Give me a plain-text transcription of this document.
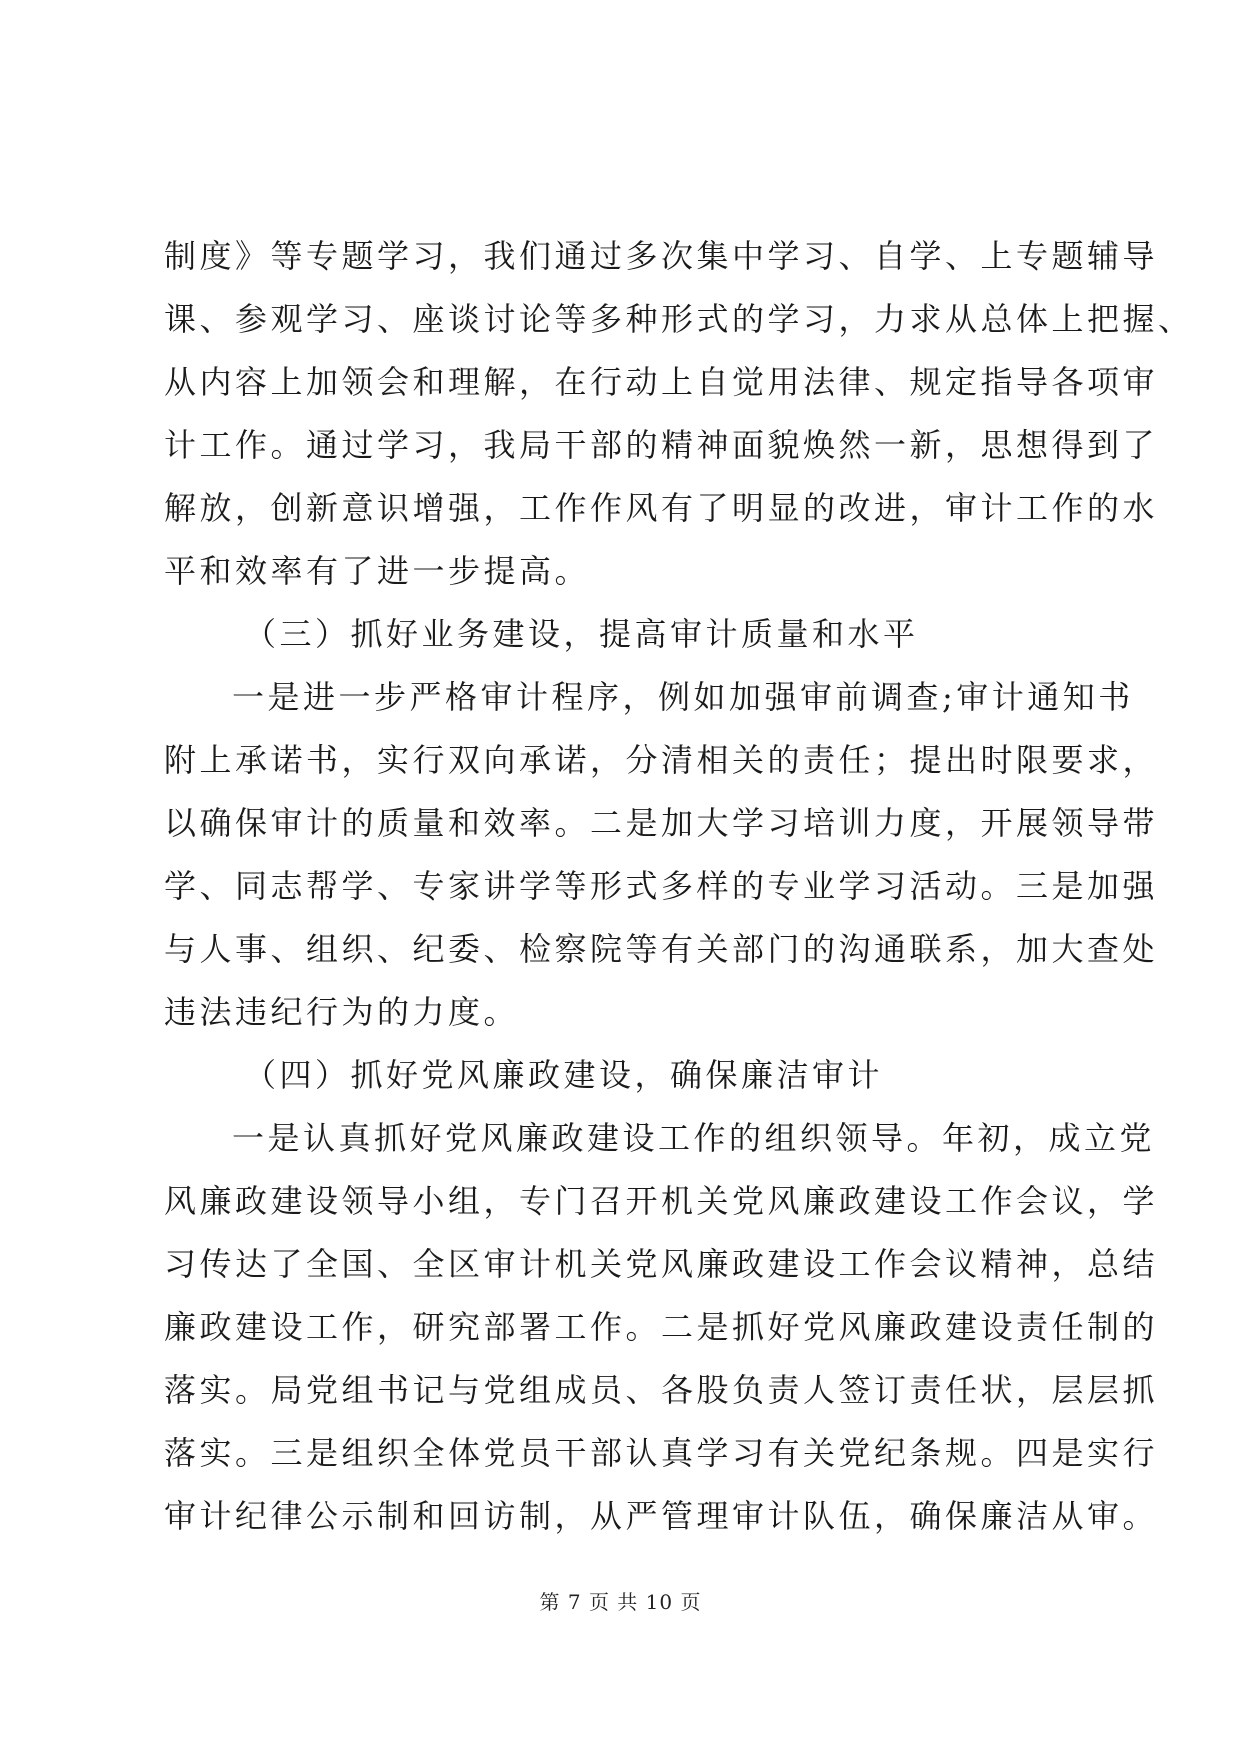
制度》等专题学习，我们通过多次集中学习、自学、上专题辅导
课、参观学习、座谈讨论等多种形式的学习，力求从总体上把握、
从内容上加领会和理解，在行动上自觉用法律、规定指导各项审
计工作。通过学习，我局干部的精神面貌焕然一新，思想得到了
解放，创新意识增强，工作作风有了明显的改进，审计工作的水
平和效率有了进一步提高。
（三）抓好业务建设，提高审计质量和水平
一是进一步严格审计程序，例如加强审前调查;审计通知书
附上承诺书，实行双向承诺，分清相关的责任；提出时限要求，
以确保审计的质量和效率。二是加大学习培训力度，开展领导带
学、同志帮学、专家讲学等形式多样的专业学习活动。三是加强
与人事、组织、纪委、检察院等有关部门的沟通联系，加大查处
违法违纪行为的力度。
（四）抓好党风廉政建设，确保廉洁审计
一是认真抓好党风廉政建设工作的组织领导。年初，成立党
风廉政建设领导小组，专门召开机关党风廉政建设工作会议，学
习传达了全国、全区审计机关党风廉政建设工作会议精神，总结
廉政建设工作，研究部署工作。二是抓好党风廉政建设责任制的
落实。局党组书记与党组成员、各股负责人签订责任状，层层抓
落实。三是组织全体党员干部认真学习有关党纪条规。四是实行
审计纪律公示制和回访制，从严管理审计队伍，确保廉洁从审。
第 7 页 共 10 页
